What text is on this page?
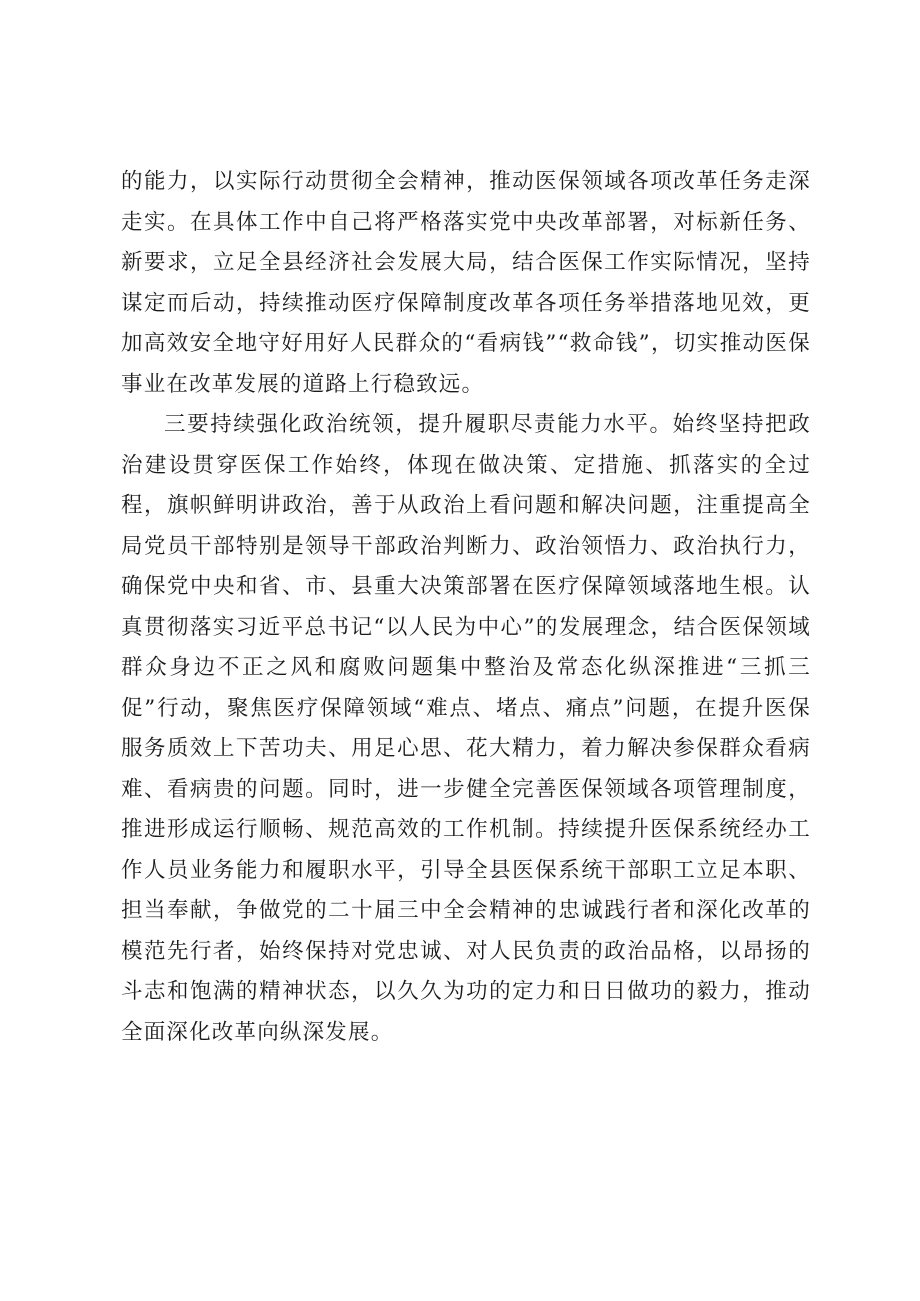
的能力，以实际行动贯彻全会精神，推动医保领域各项改革任务走深走实。在具体工作中自己将严格落实党中央改革部署，对标新任务、新要求，立足全县经济社会发展大局，结合医保工作实际情况，坚持谋定而后动，持续推动医疗保障制度改革各项任务举措落地见效，更加高效安全地守好用好人民群众的“看病钱”“救命钱”，切实推动医保事业在改革发展的道路上行稳致远。

三要持续强化政治统领，提升履职尽责能力水平。始终坚持把政治建设贯穿医保工作始终，体现在做决策、定措施、抓落实的全过程，旗帜鲜明讲政治，善于从政治上看问题和解决问题，注重提高全局党员干部特别是领导干部政治判断力、政治领悟力、政治执行力，确保党中央和省、市、县重大决策部署在医疗保障领域落地生根。认真贯彻落实习近平总书记“以人民为中心”的发展理念，结合医保领域群众身边不正之风和腐败问题集中整治及常态化纵深推进“三抓三促”行动，聚焦医疗保障领域“难点、堵点、痛点”问题，在提升医保服务质效上下苦功夫、用足心思、花大精力，着力解决参保群众看病难、看病贵的问题。同时，进一步健全完善医保领域各项管理制度，推进形成运行顺畅、规范高效的工作机制。持续提升医保系统经办工作人员业务能力和履职水平，引导全县医保系统干部职工立足本职、担当奉献，争做党的二十届三中全会精神的忠诚践行者和深化改革的模范先行者，始终保持对党忠诚、对人民负责的政治品格，以昂扬的斗志和饱满的精神状态，以久久为功的定力和日日做功的毅力，推动全面深化改革向纵深发展。
